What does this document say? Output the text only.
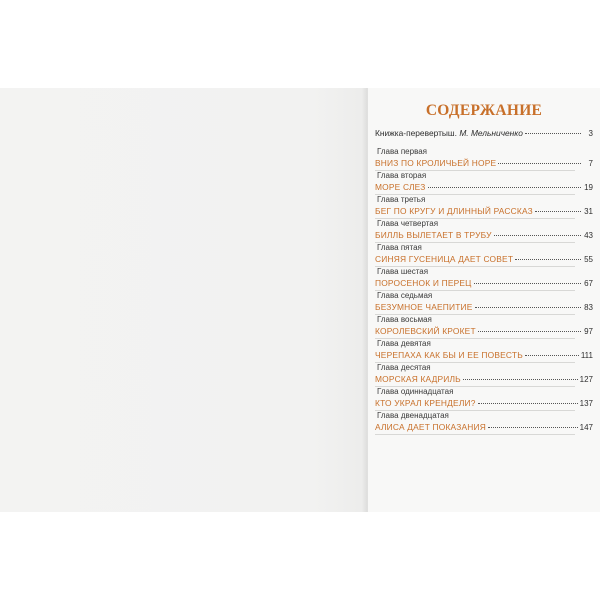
СОДЕРЖАНИЕ
Книжка-перевертыш. М. Мельниченко	3
Глава первая
ВНИЗ ПО КРОЛИЧЬЕЙ НОРЕ	7
Глава вторая
МОРЕ СЛЕЗ	19
Глава третья
БЕГ ПО КРУГУ И ДЛИННЫЙ РАССКАЗ	31
Глава четвертая
БИЛЛЬ ВЫЛЕТАЕТ В ТРУБУ	43
Глава пятая
СИНЯЯ ГУСЕНИЦА ДАЕТ СОВЕТ	55
Глава шестая
ПОРОСЕНОК И ПЕРЕЦ	67
Глава седьмая
БЕЗУМНОЕ ЧАЕПИТИЕ	83
Глава восьмая
КОРОЛЕВСКИЙ КРОКЕТ	97
Глава девятая
ЧЕРЕПАХА КАК БЫ И ЕЕ ПОВЕСТЬ	111
Глава десятая
МОРСКАЯ КАДРИЛЬ	127
Глава одиннадцатая
КТО УКРАЛ КРЕНДЕЛИ?	137
Глава двенадцатая
АЛИСА ДАЕТ ПОКАЗАНИЯ	147
